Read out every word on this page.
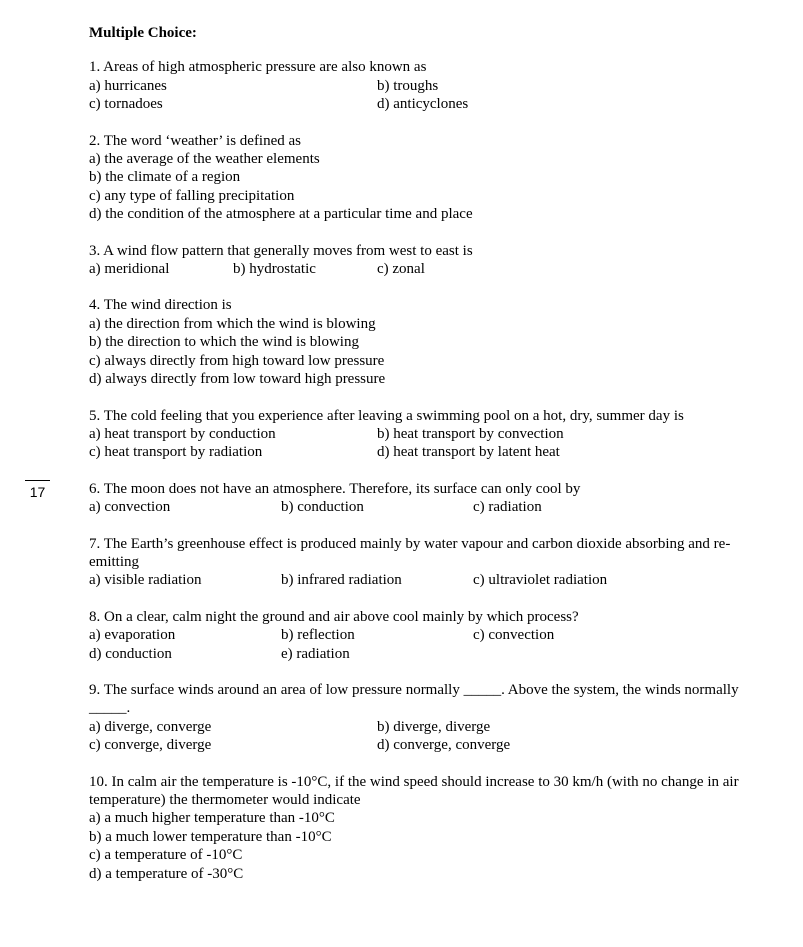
17

Multiple Choice:

1. Areas of high atmospheric pressure are also known as

a) hurricanes	b) troughs
c) tornadoes	d) anticyclones

2. The word ‘weather’ is defined as

a) the average of the weather elements
b) the climate of a region
c) any type of falling precipitation
d) the condition of the atmosphere at a particular time and place

3. A wind flow pattern that generally moves from west to east is

a) meridional	b) hydrostatic	c) zonal

4. The wind direction is

a) the direction from which the wind is blowing
b) the direction to which the wind is blowing
c) always directly from high toward low pressure
d) always directly from low toward high pressure

5. The cold feeling that you experience after leaving a swimming pool on a hot, dry, summer day is

a) heat transport by conduction	b) heat transport by convection
c) heat transport by radiation	d) heat transport by latent heat

6. The moon does not have an atmosphere. Therefore, its surface can only cool by

a) convection	b) conduction	c) radiation

7. The Earth’s greenhouse effect is produced mainly by water vapour and carbon dioxide absorbing and re-emitting

a) visible radiation	b) infrared radiation	c) ultraviolet radiation

8. On a clear, calm night the ground and air above cool mainly by which process?

a) evaporation	b) reflection	c) convection
d) conduction	e) radiation

9. The surface winds around an area of low pressure normally _____. Above the system, the winds normally _____.

a) diverge, converge	b) diverge, diverge
c) converge, diverge	d) converge, converge

10. In calm air the temperature is -10°C, if the wind speed should increase to 30 km/h (with no change in air temperature) the thermometer would indicate

a) a much higher temperature than -10°C
b) a much lower temperature than -10°C
c) a temperature of -10°C
d) a temperature of -30°C
